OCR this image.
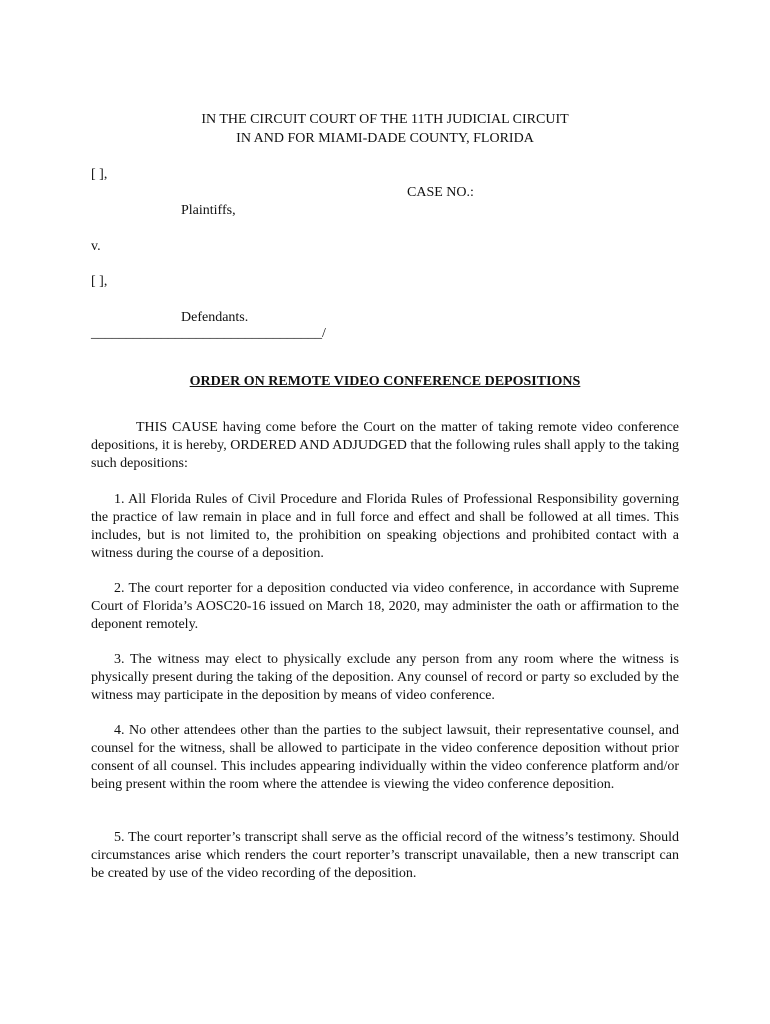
IN THE CIRCUIT COURT OF THE 11TH JUDICIAL CIRCUIT
IN AND FOR MIAMI-DADE COUNTY, FLORIDA
[ ],
CASE NO.:
Plaintiffs,
v.
[ ],
Defendants.
_________________________________/
ORDER ON REMOTE VIDEO CONFERENCE DEPOSITIONS
THIS CAUSE having come before the Court on the matter of taking remote video conference depositions, it is hereby, ORDERED AND ADJUDGED that the following rules shall apply to the taking such depositions:
1. All Florida Rules of Civil Procedure and Florida Rules of Professional Responsibility governing the practice of law remain in place and in full force and effect and shall be followed at all times. This includes, but is not limited to, the prohibition on speaking objections and prohibited contact with a witness during the course of a deposition.
2. The court reporter for a deposition conducted via video conference, in accordance with Supreme Court of Florida’s AOSC20-16 issued on March 18, 2020, may administer the oath or affirmation to the deponent remotely.
3. The witness may elect to physically exclude any person from any room where the witness is physically present during the taking of the deposition. Any counsel of record or party so excluded by the witness may participate in the deposition by means of video conference.
4. No other attendees other than the parties to the subject lawsuit, their representative counsel, and counsel for the witness, shall be allowed to participate in the video conference deposition without prior consent of all counsel. This includes appearing individually within the video conference platform and/or being present within the room where the attendee is viewing the video conference deposition.
5. The court reporter’s transcript shall serve as the official record of the witness’s testimony. Should circumstances arise which renders the court reporter’s transcript unavailable, then a new transcript can be created by use of the video recording of the deposition.
